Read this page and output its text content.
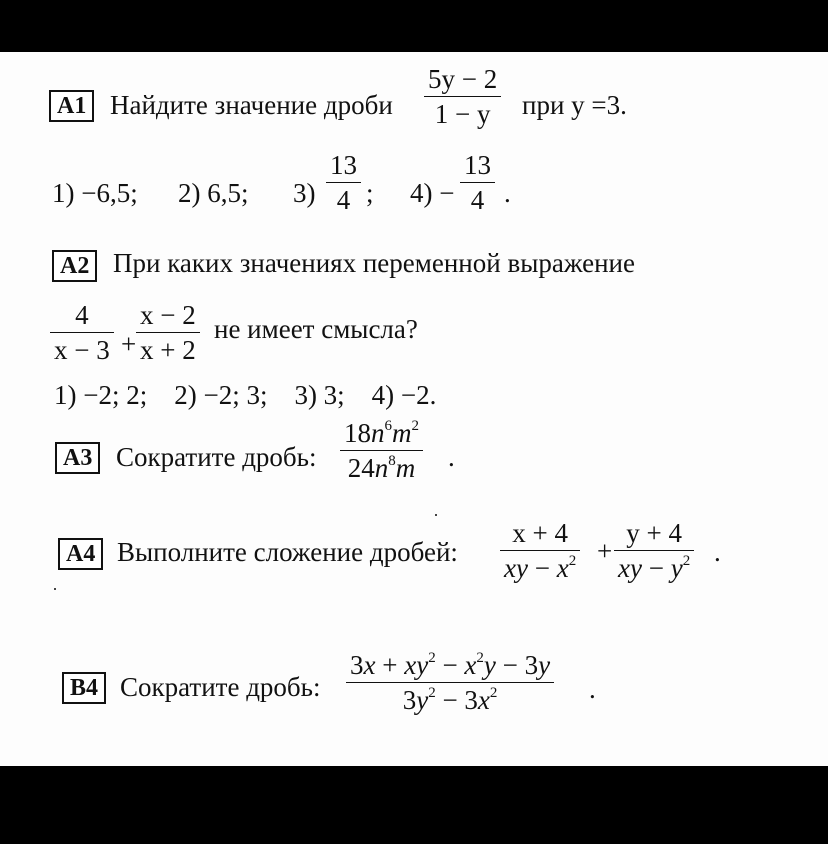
A1 Найдите значение дроби
5y − 2
1 − y при y =3.
1) −6,5; 2) 6,5; 3)
13
4 ; 4) −
13
4 .
A2 При каких значениях переменной выражение
4
x − 3 +
x − 2
x + 2
не имеет смысла?
1) −2; 2;    2) −2; 3;    3) 3;    4) −2.
A3 Сократите дробь:
$18n^6m^2$
$24n^8m$ .
A4 Выполните сложение дробей:
x + 4
xy − $x^2$ +
y + 4
xy − $y^2$ .
B4 Сократите дробь:
$3x + xy^2 - x^2y - 3y$
$3y^2 - 3x^2$	.
